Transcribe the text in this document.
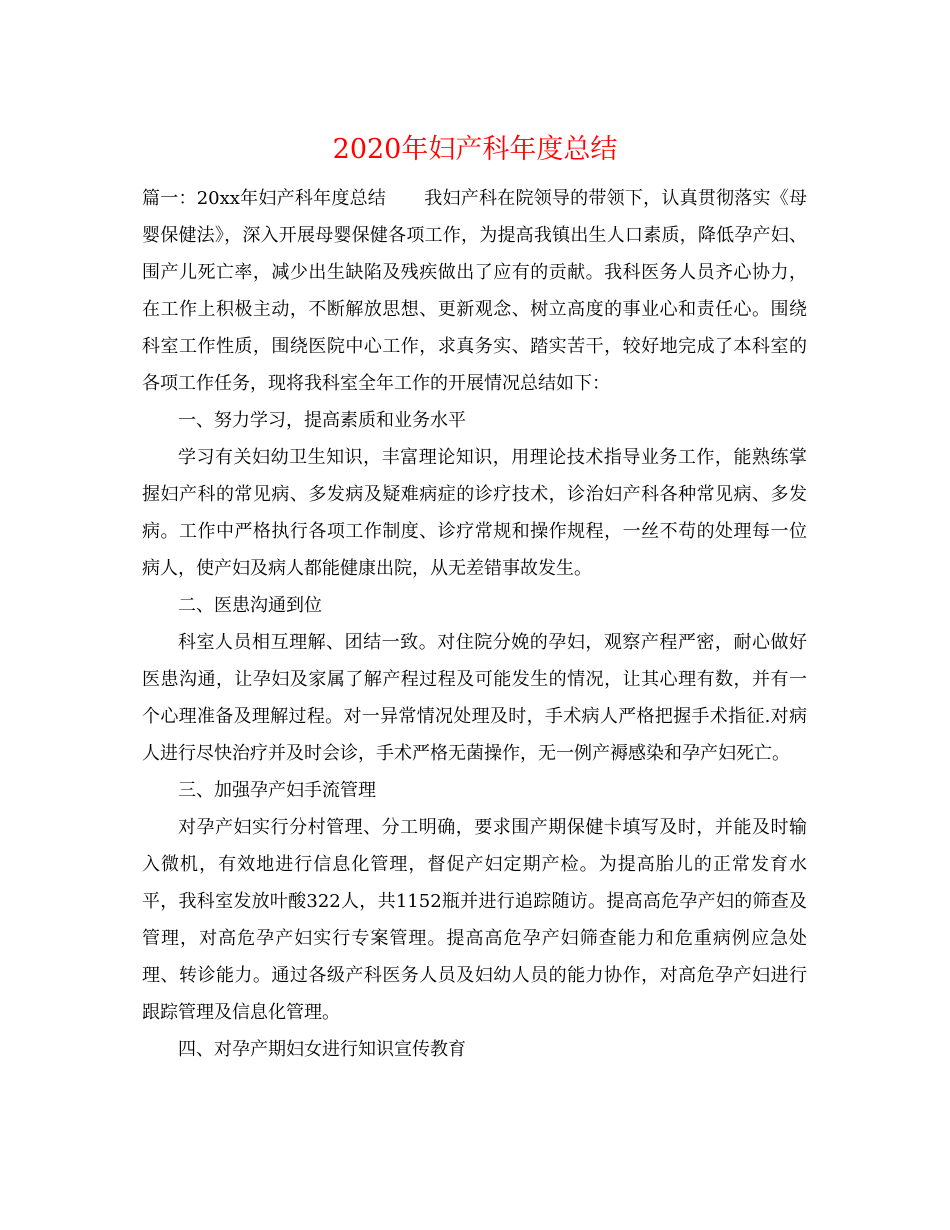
2020年妇产科年度总结

篇一：20xx年妇产科年度总结 我妇产科在院领导的带领下，认真贯彻落实《母婴保健法》，深入开展母婴保健各项工作，为提高我镇出生人口素质，降低孕产妇、围产儿死亡率，减少出生缺陷及残疾做出了应有的贡献。我科医务人员齐心协力，在工作上积极主动，不断解放思想、更新观念、树立高度的事业心和责任心。围绕科室工作性质，围绕医院中心工作，求真务实、踏实苦干，较好地完成了本科室的各项工作任务，现将我科室全年工作的开展情况总结如下：

一、努力学习，提高素质和业务水平

学习有关妇幼卫生知识，丰富理论知识，用理论技术指导业务工作，能熟练掌握妇产科的常见病、多发病及疑难病症的诊疗技术，诊治妇产科各种常见病、多发病。工作中严格执行各项工作制度、诊疗常规和操作规程，一丝不苟的处理每一位病人，使产妇及病人都能健康出院，从无差错事故发生。

二、医患沟通到位

科室人员相互理解、团结一致。对住院分娩的孕妇，观察产程严密，耐心做好医患沟通，让孕妇及家属了解产程过程及可能发生的情况，让其心理有数，并有一个心理准备及理解过程。对一异常情况处理及时，手术病人严格把握手术指征.对病人进行尽快治疗并及时会诊，手术严格无菌操作，无一例产褥感染和孕产妇死亡。

三、加强孕产妇手流管理

对孕产妇实行分村管理、分工明确，要求围产期保健卡填写及时，并能及时输入微机，有效地进行信息化管理，督促产妇定期产检。为提高胎儿的正常发育水平，我科室发放叶酸322人，共1152瓶并进行追踪随访。提高高危孕产妇的筛查及管理，对高危孕产妇实行专案管理。提高高危孕产妇筛查能力和危重病例应急处理、转诊能力。通过各级产科医务人员及妇幼人员的能力协作，对高危孕产妇进行跟踪管理及信息化管理。

四、对孕产期妇女进行知识宣传教育
